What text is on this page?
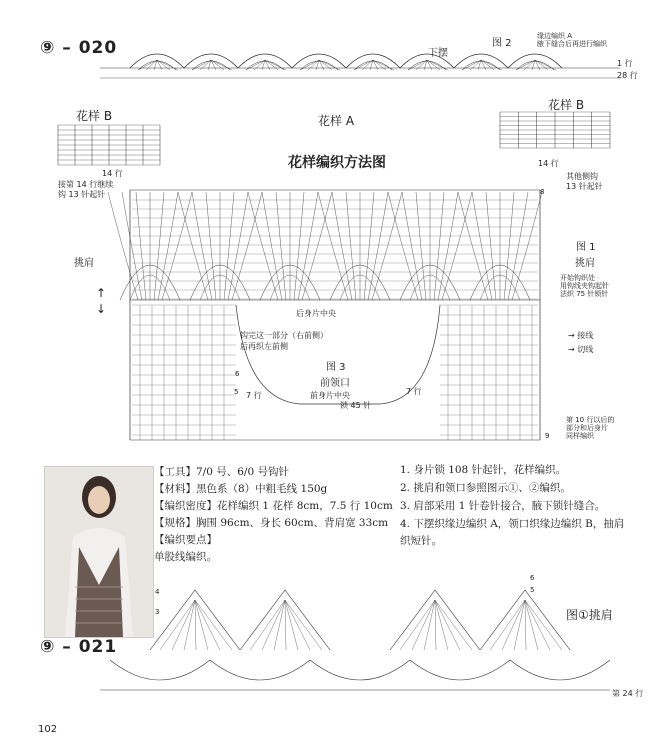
⑨ – 020	下摆
图 2
缘边编织 A
腋下缝合后再进行编织
1 行
28 行
花样 A
花样 B
花样 B
花样编织方法图
14 行
接第 14 行继续
钩 13 针起针
14 行
其他侧钩
13 针起针
挑肩
图 1
挑肩
开始钩织处
用钩线夹钩起针
法织 75 针锁针
后身片中央
钩完这一部分（右前侧）
后再织左前侧
→ 接线
→ 切线
图 3
前领口
前身片中央
锁 45 针
7 行	7 行
第 10 行以后的
部分和后身片
同样编织
6
8
9
5
↑
↓
【工具】7/0 号、6/0 号钩针
【材料】黑色系（8）中粗毛线 150g
【编织密度】花样编织 1 花样 8cm，7.5 行 10cm
【规格】胸围 96cm、身长 60cm、背肩宽 33cm
【编织要点】
单股线编织。
1. 身片锁 108 针起针，花样编织。
2. 挑肩和领口参照图示①、②编织。
3. 肩部采用 1 针卷针接合，腋下锁针缝合。
4. 下摆织缘边编织 A，领口织缘边编织 B，抽肩织短针。
⑨ – 021
图①挑肩
第 24 行
6
5
4
3
102
